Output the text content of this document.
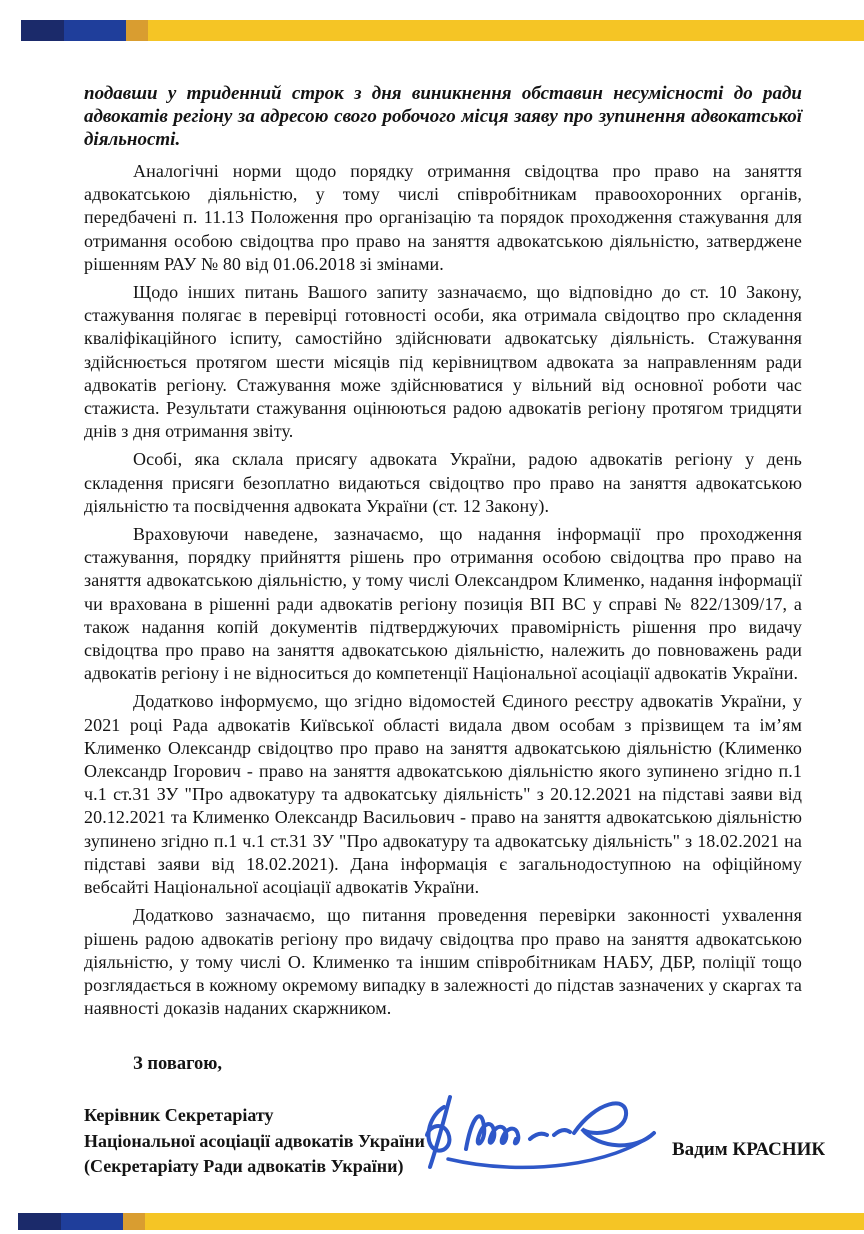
подавши у триденний строк з дня виникнення обставин несумісності до ради адвокатів регіону за адресою свого робочого місця заяву про зупинення адвокатської діяльності.

Аналогічні норми щодо порядку отримання свідоцтва про право на заняття адвокатською діяльністю, у тому числі співробітникам правоохоронних органів, передбачені п. 11.13 Положення про організацію та порядок проходження стажування для отримання особою свідоцтва про право на заняття адвокатською діяльністю, затверджене рішенням РАУ № 80 від 01.06.2018 зі змінами.

Щодо інших питань Вашого запиту зазначаємо, що відповідно до ст. 10 Закону, стажування полягає в перевірці готовності особи, яка отримала свідоцтво про складення кваліфікаційного іспиту, самостійно здійснювати адвокатську діяльність. Стажування здійснюється протягом шести місяців під керівництвом адвоката за направленням ради адвокатів регіону. Стажування може здійснюватися у вільний від основної роботи час стажиста. Результати стажування оцінюються радою адвокатів регіону протягом тридцяти днів з дня отримання звіту.

Особі, яка склала присягу адвоката України, радою адвокатів регіону у день складення присяги безоплатно видаються свідоцтво про право на заняття адвокатською діяльністю та посвідчення адвоката України (ст. 12 Закону).

Враховуючи наведене, зазначаємо, що надання інформації про проходження стажування, порядку прийняття рішень про отримання особою свідоцтва про право на заняття адвокатською діяльністю, у тому числі Олександром Клименко, надання інформації чи врахована в рішенні ради адвокатів регіону позиція ВП ВС у справі № 822/1309/17, а також надання копій документів підтверджуючих правомірність рішення про видачу свідоцтва про право на заняття адвокатською діяльністю, належить до повноважень ради адвокатів регіону і не відноситься до компетенції Національної асоціації адвокатів України.

Додатково інформуємо, що згідно відомостей Єдиного реєстру адвокатів України, у 2021 році Рада адвокатів Київської області видала двом особам з прізвищем та ім’ям Клименко Олександр свідоцтво про право на заняття адвокатською діяльністю (Клименко Олександр Ігорович - право на заняття адвокатською діяльністю якого зупинено згідно п.1 ч.1 ст.31 ЗУ "Про адвокатуру та адвокатську діяльність" з 20.12.2021 на підставі заяви від 20.12.2021 та Клименко Олександр Васильович - право на заняття адвокатською діяльністю зупинено згідно п.1 ч.1 ст.31 ЗУ "Про адвокатуру та адвокатську діяльність" з 18.02.2021 на підставі заяви від 18.02.2021). Дана інформація є загальнодоступною на офіційному вебсайті Національної асоціації адвокатів України.

Додатково зазначаємо, що питання проведення перевірки законності ухвалення рішень радою адвокатів регіону про видачу свідоцтва про право на заняття адвокатською діяльністю, у тому числі О. Клименко та іншим співробітникам НАБУ, ДБР, поліції тощо розглядається в кожному окремому випадку в залежності до підстав зазначених у скаргах та наявності доказів наданих скаржником.

З повагою,
Керівник Секретаріату
Національної асоціації адвокатів України
(Секретаріату Ради адвокатів України)
Вадим КРАСНИК
